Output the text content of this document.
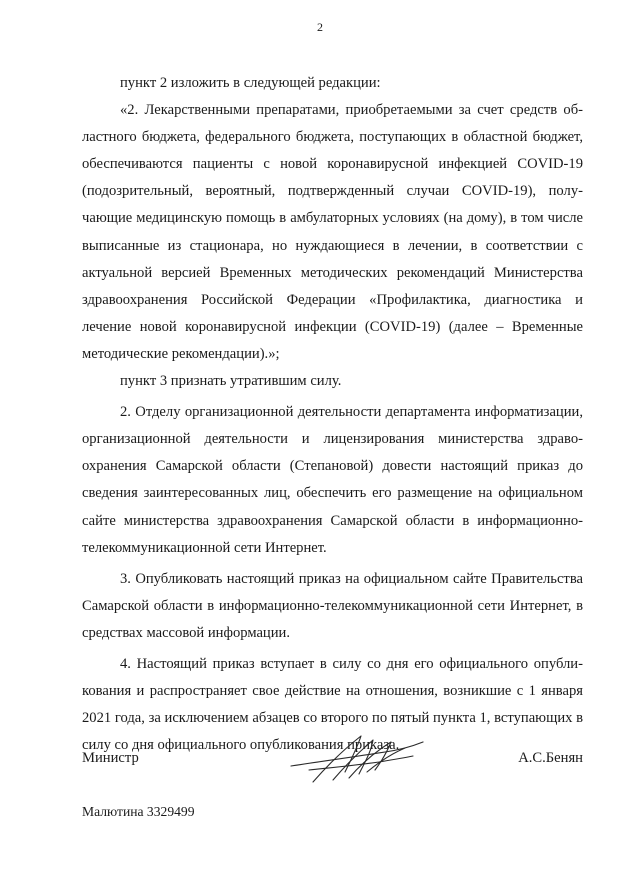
2

пункт 2 изложить в следующей редакции:

«2. Лекарственными препаратами, приобретаемыми за счет средств областного бюджета, федерального бюджета, поступающих в областной бюджет, обеспечиваются пациенты с новой коронавирусной инфекцией COVID-19 (подозрительный, вероятный, подтвержденный случаи COVID-19), получающие медицинскую помощь в амбулаторных условиях (на дому), в том числе выписанные из стационара, но нуждающиеся в лечении, в соответствии с актуальной версией Временных методических рекомендаций Министерства здравоохранения Российской Федерации «Профилактика, диагностика и лечение новой коронавирусной инфекции (COVID-19) (далее – Временные методические рекомендации).»;

пункт 3 признать утратившим силу.

2. Отделу организационной деятельности департамента информатизации, организационной деятельности и лицензирования министерства здравоохранения Самарской области (Степановой) довести настоящий приказ до сведения заинтересованных лиц, обеспечить его размещение на официальном сайте министерства здравоохранения Самарской области в информационно-телекоммуникационной сети Интернет.

3. Опубликовать настоящий приказ на официальном сайте Правительства Самарской области в информационно-телекоммуникационной сети Интернет, в средствах массовой информации.

4. Настоящий приказ вступает в силу со дня его официального опубликования и распространяет свое действие на отношения, возникшие с 1 января 2021 года, за исключением абзацев со второго по пятый пункта 1, вступающих в силу со дня официального опубликования приказа.

Министр	А.С.Бенян
Малютина 3329499
